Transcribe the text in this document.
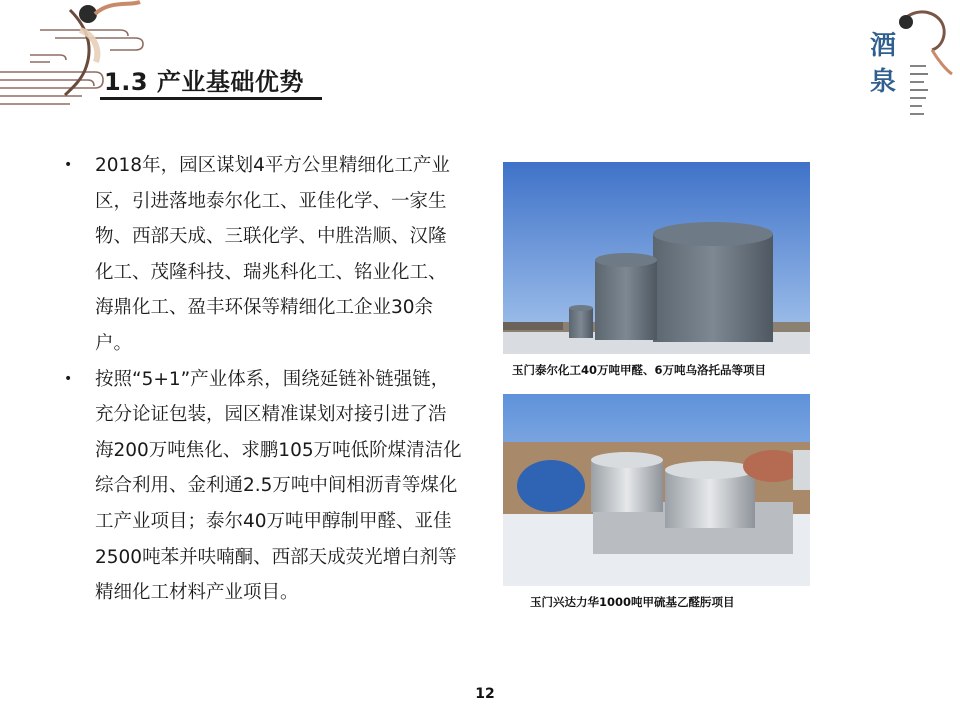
酒
泉
1.3 产业基础优势
• 2018年，园区谋划4平方公里精细化工产业区，引进落地泰尔化工、亚佳化学、一家生物、西部天成、三联化学、中胜浩顺、汉隆化工、茂隆科技、瑞兆科化工、铭业化工、海鼎化工、盈丰环保等精细化工企业30余户。
• 按照“5+1”产业体系，围绕延链补链强链，充分论证包装，园区精准谋划对接引进了浩海200万吨焦化、求鹏105万吨低阶煤清洁化综合利用、金利通2.5万吨中间相沥青等煤化工产业项目；泰尔40万吨甲醇制甲醛、亚佳2500吨苯并呋喃酮、西部天成荧光增白剂等精细化工材料产业项目。
玉门泰尔化工40万吨甲醛、6万吨乌洛托品等项目
玉门兴达力华1000吨甲硫基乙醛肟项目
12
